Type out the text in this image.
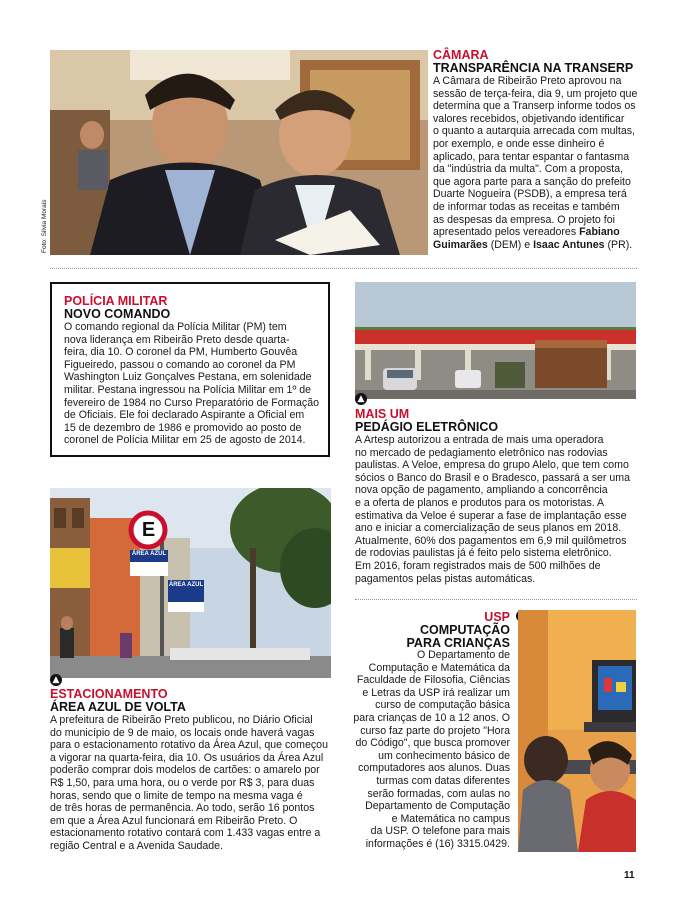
Foto: Silvia Morais
CÂMARA
TRANSPARÊNCIA NA TRANSERP
A Câmara de Ribeirão Preto aprovou na
sessão de terça-feira, dia 9, um projeto que
determina que a Transerp informe todos os
valores recebidos, objetivando identificar
o quanto a autarquia arrecada com multas,
por exemplo, e onde esse dinheiro é
aplicado, para tentar espantar o fantasma
da "indústria da multa". Com a proposta,
que agora parte para a sanção do prefeito
Duarte Nogueira (PSDB), a empresa terá
de informar todas as receitas e também
as despesas da empresa. O projeto foi
apresentado pelos vereadores Fabiano
Guimarães (DEM) e Isaac Antunes (PR).
POLÍCIA MILITAR
NOVO COMANDO
O comando regional da Polícia Militar (PM) tem
nova liderança em Ribeirão Preto desde quarta-
feira, dia 10. O coronel da PM, Humberto Gouvêa
Figueiredo, passou o comando ao coronel da PM
Washington Luiz Gonçalves Pestana, em solenidade
militar. Pestana ingressou na Polícia Militar em 1º de
fevereiro de 1984 no Curso Preparatório de Formação
de Oficiais. Ele foi declarado Aspirante a Oficial em
15 de dezembro de 1986 e promovido ao posto de
coronel de Polícia Militar em 25 de agosto de 2014.
▲
MAIS UM
PEDÁGIO ELETRÔNICO
A Artesp autorizou a entrada de mais uma operadora
no mercado de pedagiamento eletrônico nas rodovias
paulistas. A Veloe, empresa do grupo Alelo, que tem como
sócios o Banco do Brasil e o Bradesco, passará a ser uma
nova opção de pagamento, ampliando a concorrência
e a oferta de planos e produtos para os motoristas. A
estimativa da Veloe é superar a fase de implantação esse
ano e iniciar a comercialização de seus planos em 2018.
Atualmente, 60% dos pagamentos em 6,9 mil quilômetros
de rodovias paulistas já é feito pelo sistema eletrônico.
Em 2016, foram registrados mais de 500 milhões de
pagamentos pelas pistas automáticas.
E
ÁREA AZUL
ÁREA AZUL
▲
ESTACIONAMENTO
ÁREA AZUL DE VOLTA
A prefeitura de Ribeirão Preto publicou, no Diário Oficial
do município de 9 de maio, os locais onde haverá vagas
para o estacionamento rotativo da Área Azul, que começou
a vigorar na quarta-feira, dia 10. Os usuários da Área Azul
poderão comprar dois modelos de cartões: o amarelo por
R$ 1,50, para uma hora, ou o verde por R$ 3, para duas
horas, sendo que o limite de tempo na mesma vaga é
de três horas de permanência. Ao todo, serão 16 pontos
em que a Área Azul funcionará em Ribeirão Preto. O
estacionamento rotativo contará com 1.433 vagas entre a
região Central e a Avenida Saudade.
USP
COMPUTAÇÃO
PARA CRIANÇAS
O Departamento de
Computação e Matemática da
Faculdade de Filosofia, Ciências
e Letras da USP irá realizar um
curso de computação básica
para crianças de 10 a 12 anos. O
curso faz parte do projeto "Hora
do Código", que busca promover
um conhecimento básico de
computadores aos alunos. Duas
turmas com datas diferentes
serão formadas, com aulas no
Departamento de Computação
e Matemática no campus
da USP. O telefone para mais
informações é (16) 3315.0429.
11
